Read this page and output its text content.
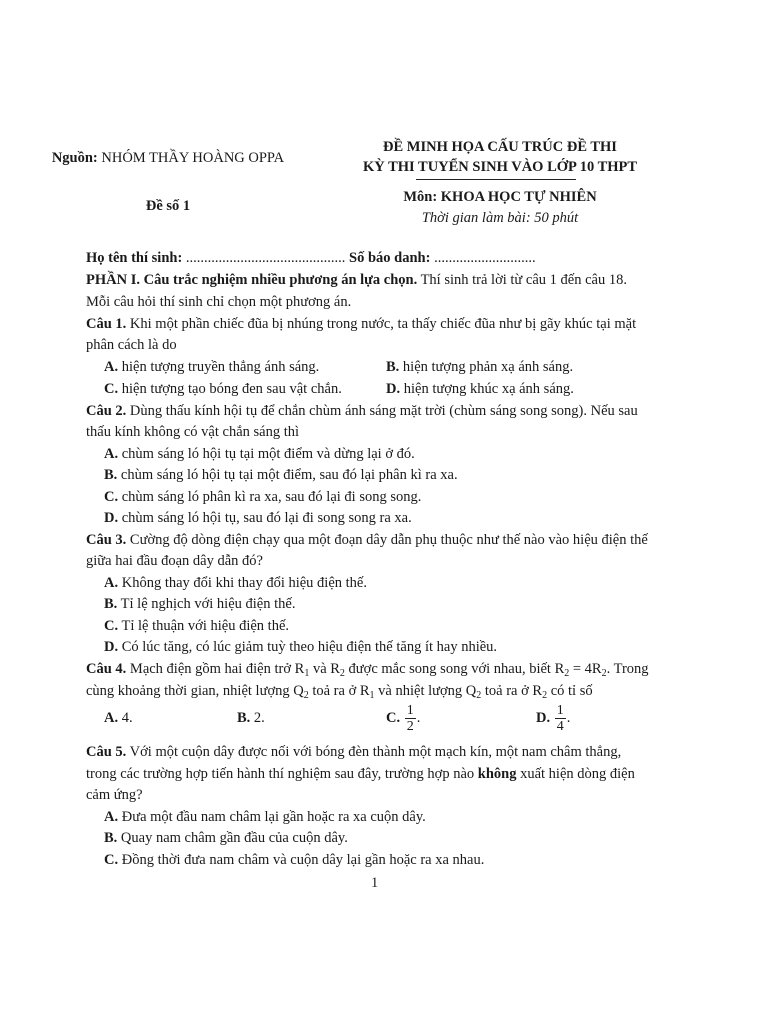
Nguồn: NHÓM THẦY HOÀNG OPPA
Đề số 1
ĐỀ MINH HỌA CẤU TRÚC ĐỀ THI
KỲ THI TUYỂN SINH VÀO LỚP 10 THPT
Môn: KHOA HỌC TỰ NHIÊN
Thời gian làm bài: 50 phút
Họ tên thí sinh: ............................................ Số báo danh: ............................
PHẦN I. Câu trắc nghiệm nhiều phương án lựa chọn. Thí sinh trả lời từ câu 1 đến câu 18.
Mỗi câu hỏi thí sinh chỉ chọn một phương án.
Câu 1. Khi một phần chiếc đũa bị nhúng trong nước, ta thấy chiếc đũa như bị gãy khúc tại mặt
phân cách là do
A. hiện tượng truyền thẳng ánh sáng.	B. hiện tượng phản xạ ánh sáng.
C. hiện tượng tạo bóng đen sau vật chắn.	D. hiện tượng khúc xạ ánh sáng.
Câu 2. Dùng thấu kính hội tụ để chắn chùm ánh sáng mặt trời (chùm sáng song song). Nếu sau
thấu kính không có vật chắn sáng thì
A. chùm sáng ló hội tụ tại một điểm và dừng lại ở đó.
B. chùm sáng ló hội tụ tại một điểm, sau đó lại phân kì ra xa.
C. chùm sáng ló phân kì ra xa, sau đó lại đi song song.
D. chùm sáng ló hội tụ, sau đó lại đi song song ra xa.
Câu 3. Cường độ dòng điện chạy qua một đoạn dây dẫn phụ thuộc như thế nào vào hiệu điện thế
giữa hai đầu đoạn dây dẫn đó?
A. Không thay đổi khi thay đổi hiệu điện thế.
B. Tỉ lệ nghịch với hiệu điện thế.
C. Tỉ lệ thuận với hiệu điện thế.
D. Có lúc tăng, có lúc giảm tuỳ theo hiệu điện thế tăng ít hay nhiều.
Câu 4. Mạch điện gồm hai điện trở $R_1$ và $R_2$ được mắc song song với nhau, biết $R_2 = 4R_2$. Trong
cùng khoảng thời gian, nhiệt lượng $Q_2$ toả ra ở $R_1$ và nhiệt lượng $Q_2$ toả ra ở $R_2$ có tỉ số
A. 4.	B. 2.	C. $\frac{1}{2}$ .	D. $\frac{1}{4}$ .
Câu 5. Với một cuộn dây được nối với bóng đèn thành một mạch kín, một nam châm thẳng,
trong các trường hợp tiến hành thí nghiệm sau đây, trường hợp nào không xuất hiện dòng điện
cảm ứng?
A. Đưa một đầu nam châm lại gần hoặc ra xa cuộn dây.
B. Quay nam châm gần đầu của cuộn dây.
C. Đồng thời đưa nam châm và cuộn dây lại gần hoặc ra xa nhau.
1
